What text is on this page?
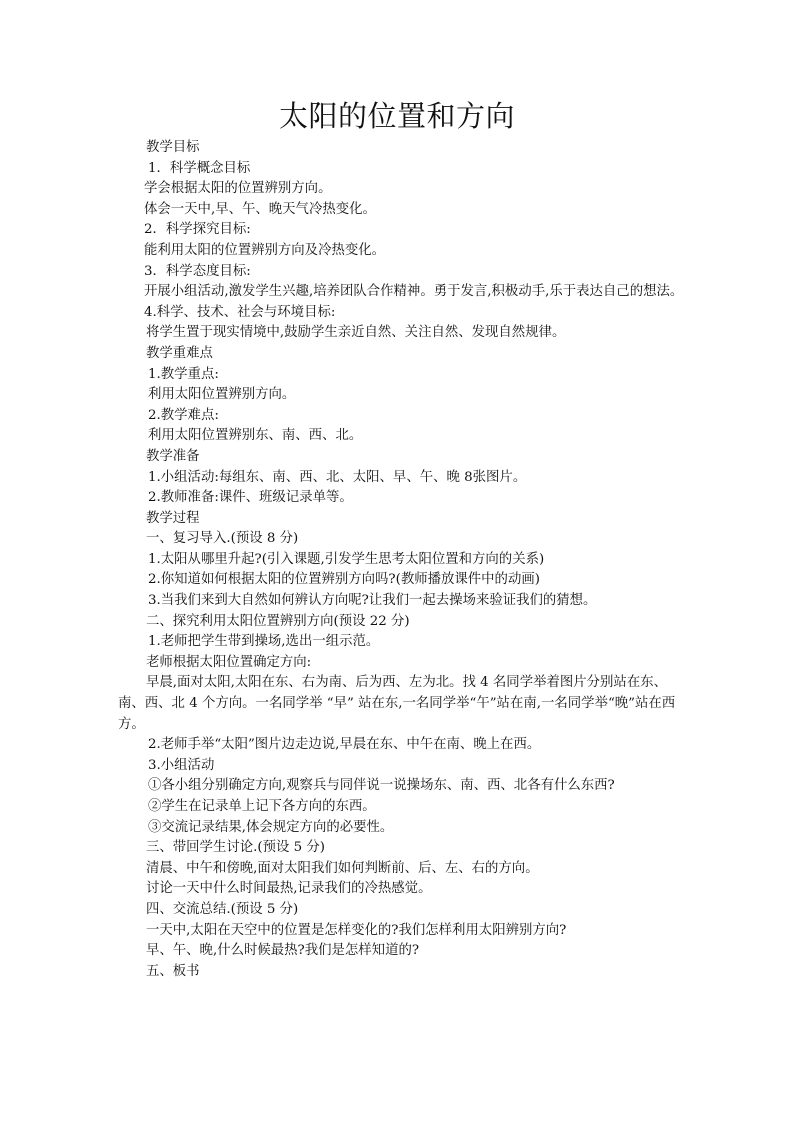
太阳的位置和方向
教学目标
1．科学概念目标
学会根据太阳的位置辨别方向。
体会一天中,早、午、晚天气冷热变化。
2．科学探究目标:
能利用太阳的位置辨别方向及冷热变化。
3．科学态度目标:
开展小组活动,激发学生兴趣,培养团队合作精神。勇于发言,积极动手,乐于表达自己的想法。
4.科学、技术、社会与环境目标:
将学生置于现实情境中,鼓励学生亲近自然、关注自然、发现自然规律。
教学重难点
1.教学重点:
利用太阳位置辨别方向。
2.教学难点:
利用太阳位置辨别东、南、西、北。
教学准备
1.小组活动:每组东、南、西、北、太阳、早、午、晚 8张图片。
2.教师准备:课件、班级记录单等。
教学过程
一、复习导入.(预设 8 分)
1.太阳从哪里升起?(引入课题,引发学生思考太阳位置和方向的关系)
2.你知道如何根据太阳的位置辨别方向吗?(教师播放课件中的动画)
3.当我们来到大自然如何辨认方向呢?让我们一起去操场来验证我们的猜想。
二、探究利用太阳位置辨别方向(预设 22 分)
1.老师把学生带到操场,选出一组示范。
老师根据太阳位置确定方向:
早晨,面对太阳,太阳在东、右为南、后为西、左为北。找 4 名同学举着图片分别站在东、南、西、北 4 个方向。一名同学举 “早” 站在东,一名同学举“午”站在南,一名同学举“晚”站在西方。
2.老师手举“太阳”图片边走边说,早晨在东、中午在南、晚上在西。
3.小组活动
①各小组分别确定方向,观察兵与同伴说一说操场东、南、西、北各有什么东西?
②学生在记录单上记下各方向的东西。
③交流记录结果,体会规定方向的必要性。
三、带回学生讨论.(预设 5 分)
清晨、中午和傍晚,面对太阳我们如何判断前、后、左、右的方向。
讨论一天中什么时间最热,记录我们的冷热感觉。
四、交流总结.(预设 5 分)
一天中,太阳在天空中的位置是怎样变化的?我们怎样利用太阳辨别方向?
早、午、晚,什么时候最热?我们是怎样知道的?
五、板书
